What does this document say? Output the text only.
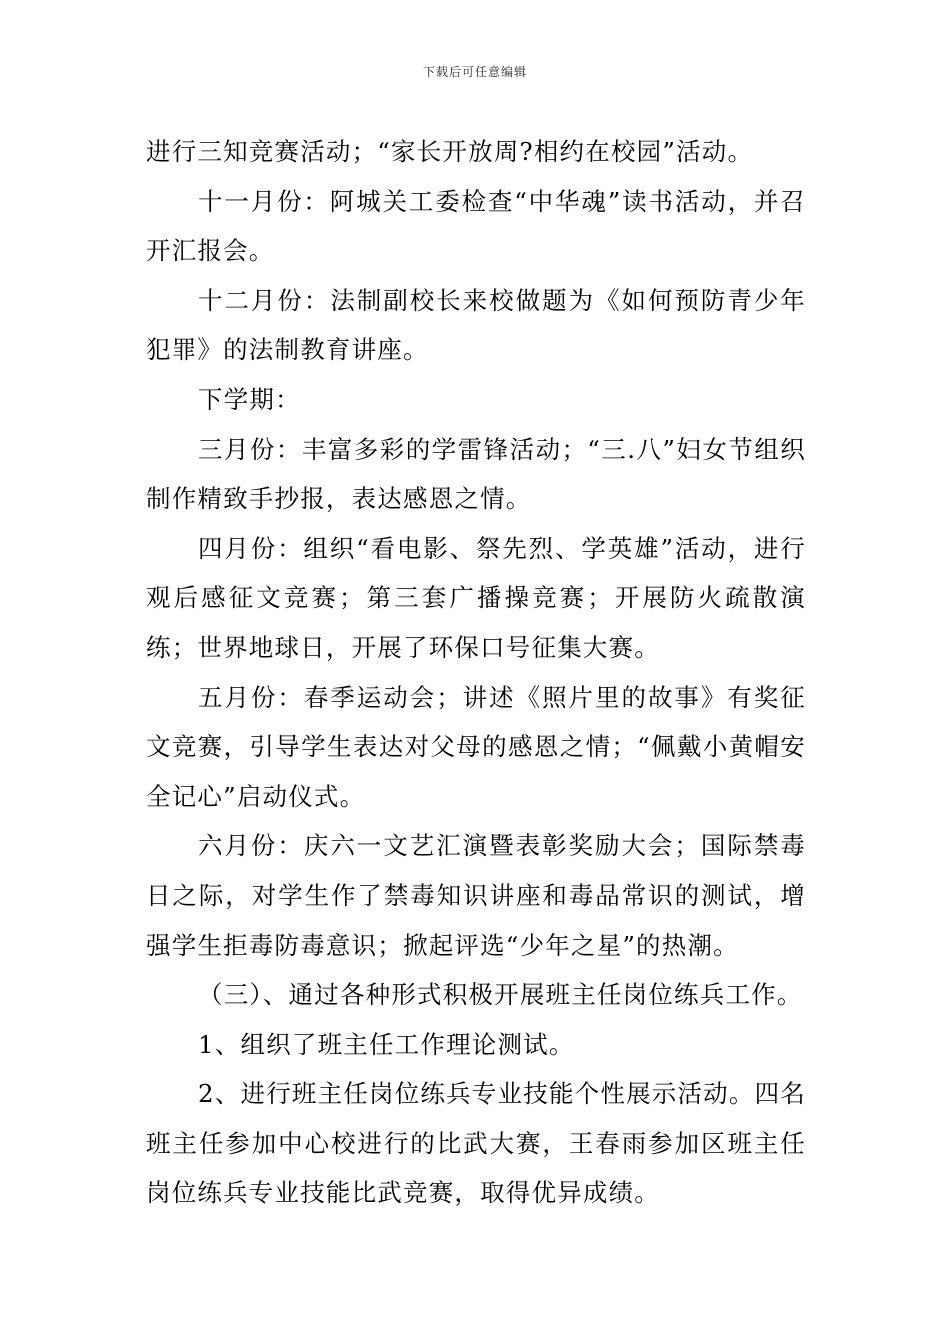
下载后可任意编辑

进行三知竞赛活动；“家长开放周?相约在校园”活动。

十一月份：阿城关工委检查“中华魂”读书活动，并召开汇报会。

十二月份：法制副校长来校做题为《如何预防青少年犯罪》的法制教育讲座。

下学期：

三月份：丰富多彩的学雷锋活动；“三.八”妇女节组织制作精致手抄报，表达感恩之情。

四月份：组织“看电影、祭先烈、学英雄”活动，进行观后感征文竞赛；第三套广播操竞赛；开展防火疏散演练；世界地球日，开展了环保口号征集大赛。

五月份：春季运动会；讲述《照片里的故事》有奖征文竞赛，引导学生表达对父母的感恩之情；“佩戴小黄帽安全记心”启动仪式。

六月份：庆六一文艺汇演暨表彰奖励大会；国际禁毒日之际，对学生作了禁毒知识讲座和毒品常识的测试，增强学生拒毒防毒意识；掀起评选“少年之星”的热潮。

（三）、通过各种形式积极开展班主任岗位练兵工作。

1、组织了班主任工作理论测试。

2、进行班主任岗位练兵专业技能个性展示活动。四名班主任参加中心校进行的比武大赛，王春雨参加区班主任岗位练兵专业技能比武竞赛，取得优异成绩。
